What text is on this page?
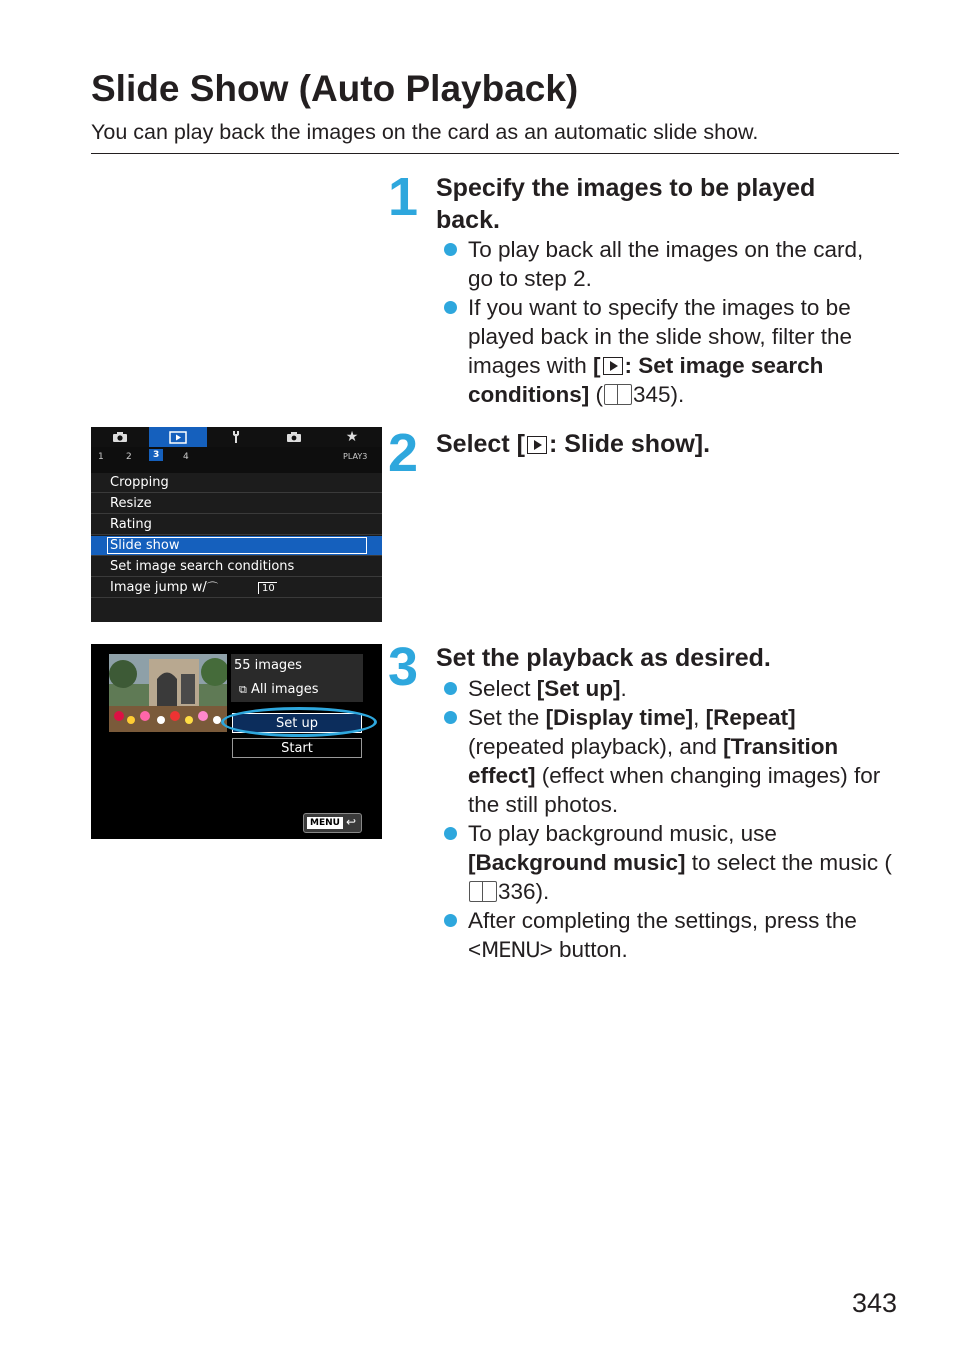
Slide Show (Auto Playback)

You can play back the images on the card as an automatic slide show.

1 Specify the images to be played back.
To play back all the images on the card, go to step 2.
If you want to specify the images to be played back in the slide show, filter the images with [ : Set image search conditions] ( 345).
2 Select [ : Slide show].
3 Set the playback as desired.
Select [Set up].
Set the [Display time], [Repeat] (repeated playback), and [Transition effect] (effect when changing images) for the still photos.
To play background music, use [Background music] to select the music (336).
After completing the settings, press the <MENU> button.
★
1 2	3	4	PLAY3
Cropping
Resize
Rating
Slide show
Set image search conditions
Image jump w/ ⌒	10
55 images
⧉ All images
Set up
Start
MENU ↩
343
